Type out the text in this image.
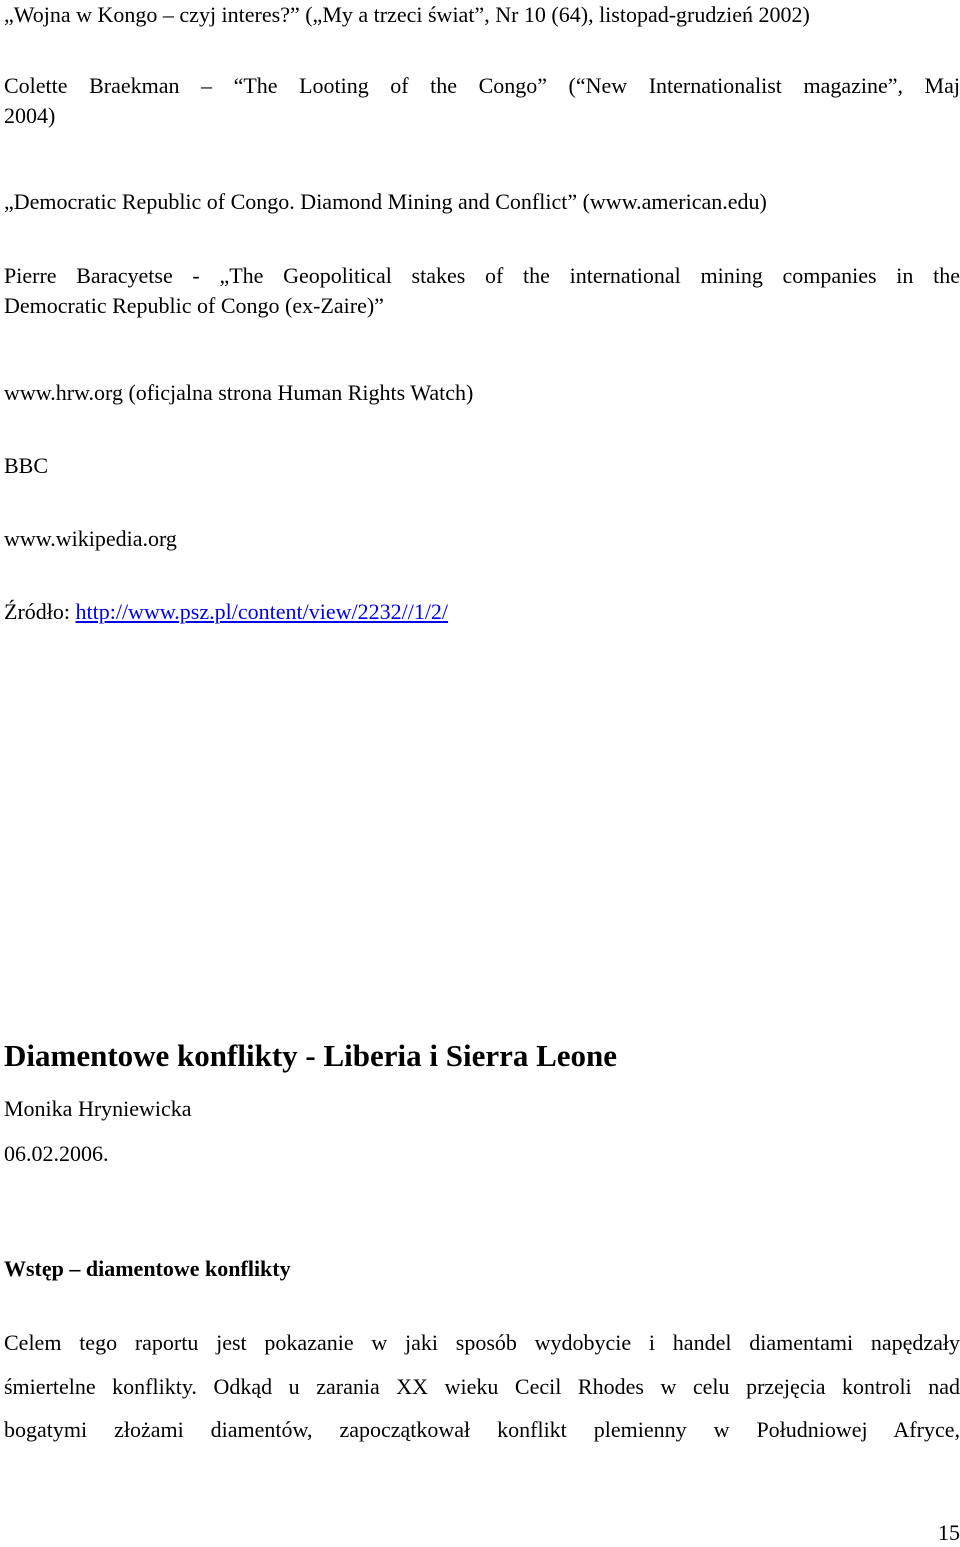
„Wojna w Kongo – czyj interes?” („My a trzeci świat”, Nr 10 (64), listopad-grudzień 2002)

Colette Braekman – “The Looting of the Congo” (“New Internationalist magazine”, Maj
2004)

„Democratic Republic of Congo. Diamond Mining and Conflict” (www.american.edu)

Pierre Baracyetse - „The Geopolitical stakes of the international mining companies in the
Democratic Republic of Congo (ex-Zaire)”

www.hrw.org (oficjalna strona Human Rights Watch)

BBC

www.wikipedia.org

Źródło: http://www.psz.pl/content/view/2232//1/2/

Diamentowe konflikty - Liberia i Sierra Leone

Monika Hryniewicka

06.02.2006.

Wstęp – diamentowe konflikty
Celem tego raportu jest pokazanie w jaki sposób wydobycie i handel diamentami napędzały
śmiertelne konflikty. Odkąd u zarania XX wieku Cecil Rhodes w celu przejęcia kontroli nad
bogatymi złożami diamentów, zapoczątkował konflikt plemienny w Południowej Afryce,
15
